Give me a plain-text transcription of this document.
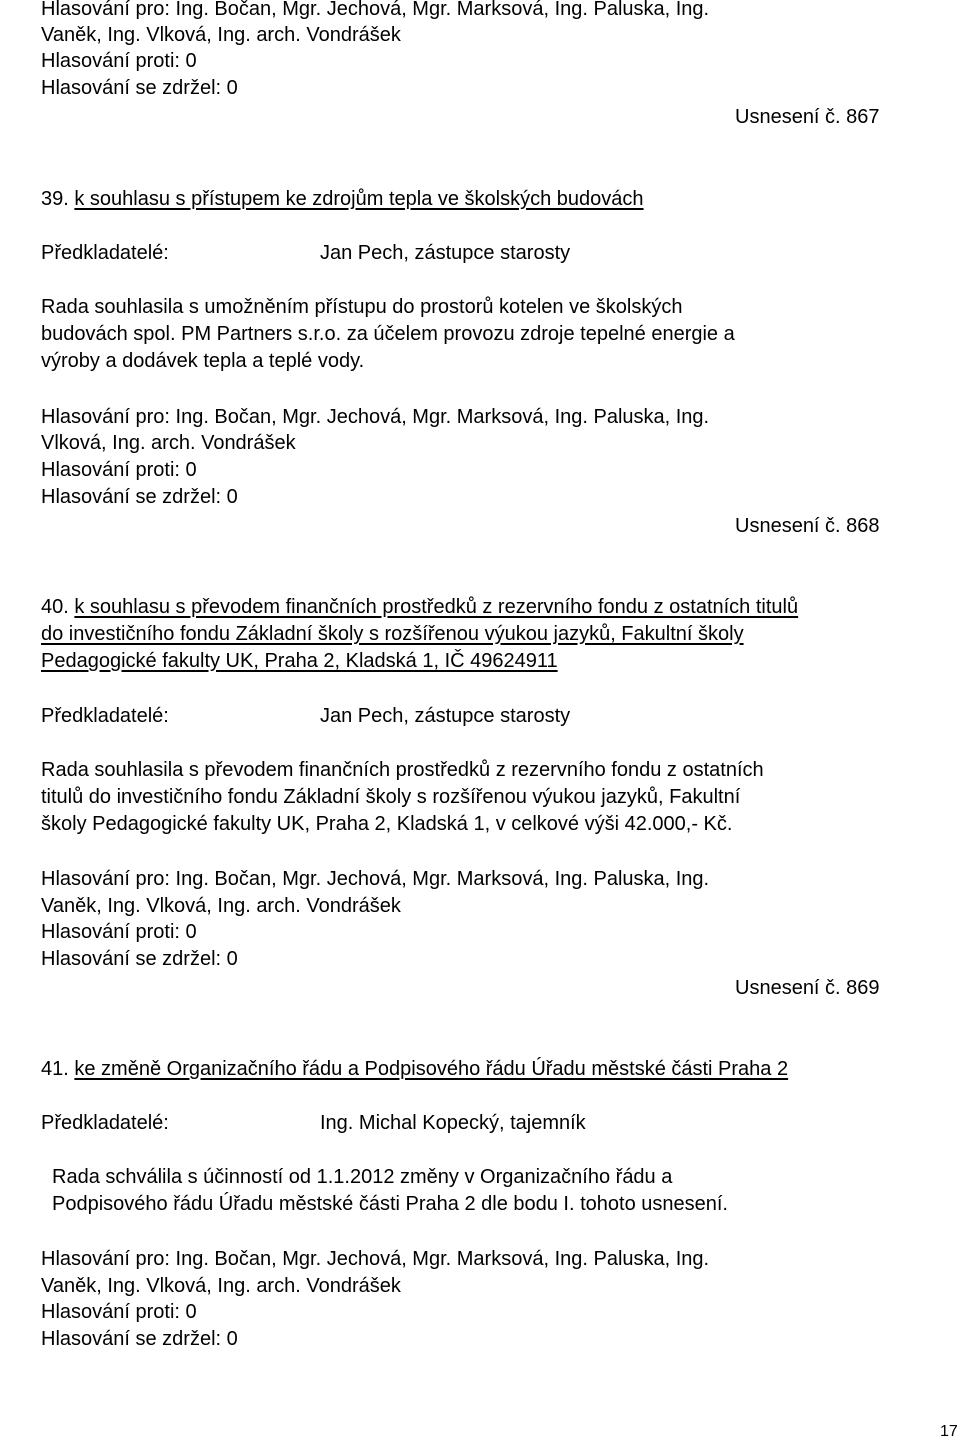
Hlasování pro: Ing. Bočan, Mgr. Jechová, Mgr. Marksová, Ing. Paluska, Ing.
Vaněk, Ing. Vlková, Ing. arch. Vondrášek
Hlasování proti: 0
Hlasování se zdržel: 0
Usnesení č. 867
39. k souhlasu s přístupem ke zdrojům tepla ve školských budovách
Předkladatelé:	Jan Pech, zástupce starosty
Rada souhlasila s umožněním přístupu do prostorů kotelen ve školských
budovách spol. PM Partners s.r.o. za účelem provozu zdroje tepelné energie a
výroby a dodávek tepla a teplé vody.
Hlasování pro: Ing. Bočan, Mgr. Jechová, Mgr. Marksová, Ing. Paluska, Ing.
Vlková, Ing. arch. Vondrášek
Hlasování proti: 0
Hlasování se zdržel: 0
Usnesení č. 868
40. k souhlasu s převodem finančních prostředků z rezervního fondu z ostatních titulů
do investičního fondu Základní školy s rozšířenou výukou jazyků, Fakultní školy
Pedagogické fakulty UK, Praha 2, Kladská 1, IČ 49624911
Předkladatelé:	Jan Pech, zástupce starosty
Rada souhlasila s převodem finančních prostředků z rezervního fondu z ostatních
titulů do investičního fondu Základní školy s rozšířenou výukou jazyků, Fakultní
školy Pedagogické fakulty UK, Praha 2, Kladská 1, v celkové výši 42.000,- Kč.
Hlasování pro: Ing. Bočan, Mgr. Jechová, Mgr. Marksová, Ing. Paluska, Ing.
Vaněk, Ing. Vlková, Ing. arch. Vondrášek
Hlasování proti: 0
Hlasování se zdržel: 0
Usnesení č. 869
41. ke změně Organizačního řádu a Podpisového řádu Úřadu městské části Praha 2
Předkladatelé:	Ing. Michal Kopecký, tajemník
Rada schválila s účinností od 1.1.2012 změny v Organizačního řádu a
Podpisového řádu Úřadu městské části Praha 2 dle bodu I. tohoto usnesení.
Hlasování pro: Ing. Bočan, Mgr. Jechová, Mgr. Marksová, Ing. Paluska, Ing.
Vaněk, Ing. Vlková, Ing. arch. Vondrášek
Hlasování proti: 0
Hlasování se zdržel: 0
17
